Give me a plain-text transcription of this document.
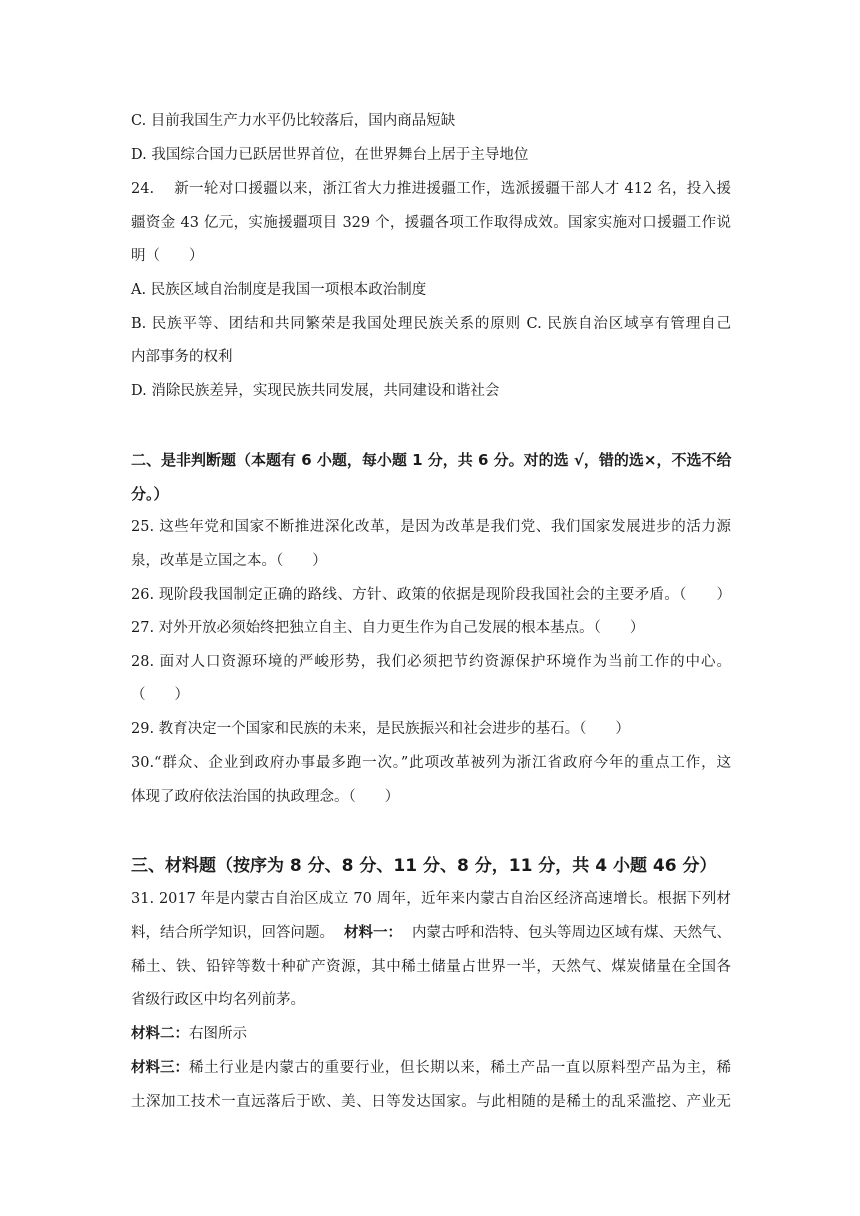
C. 目前我国生产力水平仍比较落后，国内商品短缺
D. 我国综合国力已跃居世界首位，在世界舞台上居于主导地位
24.　 新一轮对口援疆以来，浙江省大力推进援疆工作，选派援疆干部人才 412 名，投入援
疆资金 43 亿元，实施援疆项目 329 个，援疆各项工作取得成效。国家实施对口援疆工作说
明（　　）
A. 民族区域自治制度是我国一项根本政治制度
B. 民族平等、团结和共同繁荣是我国处理民族关系的原则 C. 民族自治区域享有管理自己
内部事务的权利
D. 消除民族差异，实现民族共同发展，共同建设和谐社会
二、是非判断题（本题有 6 小题，每小题 1 分，共 6 分。对的选 √，错的选×，不选不给
分。）
25. 这些年党和国家不断推进深化改革，是因为改革是我们党、我们国家发展进步的活力源
泉，改革是立国之本。（　　）
26. 现阶段我国制定正确的路线、方针、政策的依据是现阶段我国社会的主要矛盾。（　　）
27. 对外开放必须始终把独立自主、自力更生作为自己发展的根本基点。（　　）
28. 面对人口资源环境的严峻形势，我们必须把节约资源保护环境作为当前工作的中心。
（　　）
29. 教育决定一个国家和民族的未来，是民族振兴和社会进步的基石。（　　）
30.“群众、企业到政府办事最多跑一次。”此项改革被列为浙江省政府今年的重点工作，这
体现了政府依法治国的执政理念。（　　）
三、材料题（按序为 8 分、8 分、11 分、8 分，11 分，共 4 小题 46 分）
31. 2017 年是内蒙古自治区成立 70 周年，近年来内蒙古自治区经济高速增长。根据下列材
料，结合所学知识，回答问题。 材料一： 内蒙古呼和浩特、包头等周边区域有煤、天然气、
稀土、铁、铅锌等数十种矿产资源，其中稀土储量占世界一半，天然气、煤炭储量在全国各
省级行政区中均名列前茅。
材料二：右图所示
材料三： 稀土行业是内蒙古的重要行业，但长期以来，稀土产品一直以原料型产品为主，稀
土深加工技术一直远落后于欧、美、日等发达国家。与此相随的是稀土的乱采滥挖、产业无
